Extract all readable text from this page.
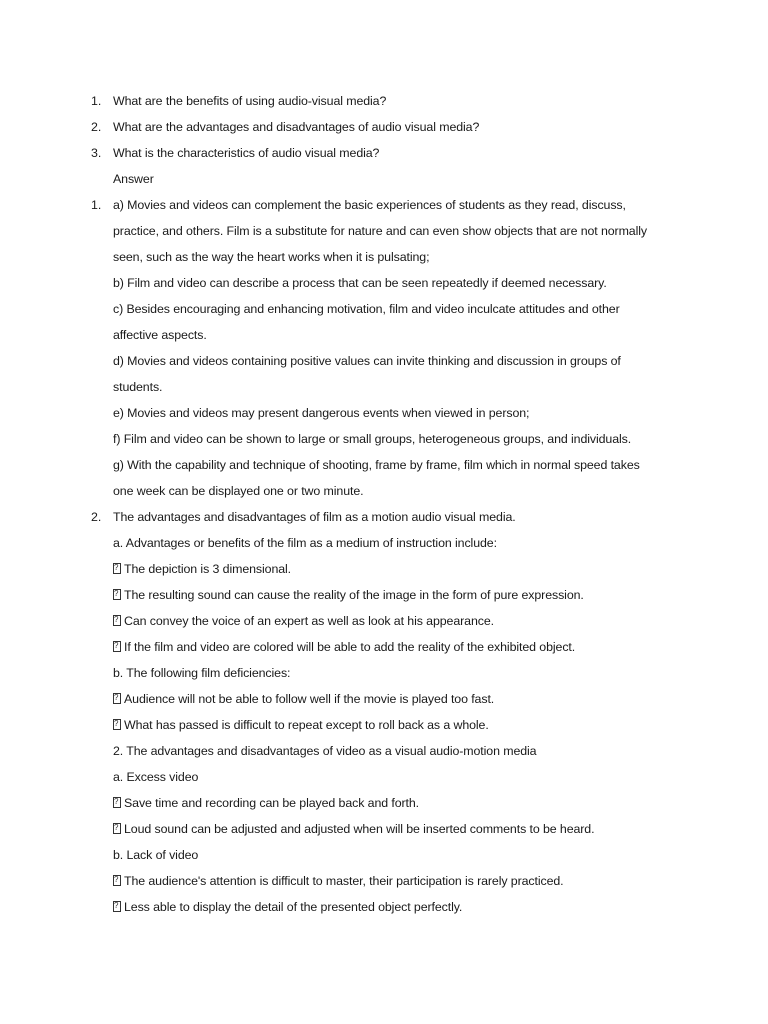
1. What are the benefits of using audio-visual media?
2. What are the advantages and disadvantages of audio visual media?
3. What is the characteristics of audio visual media?
Answer
1. a) Movies and videos can complement the basic experiences of students as they read, discuss,
practice, and others. Film is a substitute for nature and can even show objects that are not normally
seen, such as the way the heart works when it is pulsating;
b) Film and video can describe a process that can be seen repeatedly if deemed necessary.
c) Besides encouraging and enhancing motivation, film and video inculcate attitudes and other
affective aspects.
d) Movies and videos containing positive values can invite thinking and discussion in groups of
students.
e) Movies and videos may present dangerous events when viewed in person;
f) Film and video can be shown to large or small groups, heterogeneous groups, and individuals.
g) With the capability and technique of shooting, frame by frame, film which in normal speed takes
one week can be displayed one or two minute.
2. The advantages and disadvantages of film as a motion audio visual media.
a. Advantages or benefits of the film as a medium of instruction include:
?The depiction is 3 dimensional.
?The resulting sound can cause the reality of the image in the form of pure expression.
?Can convey the voice of an expert as well as look at his appearance.
?If the film and video are colored will be able to add the reality of the exhibited object.
b. The following film deficiencies:
?Audience will not be able to follow well if the movie is played too fast.
?What has passed is difficult to repeat except to roll back as a whole.
2. The advantages and disadvantages of video as a visual audio-motion media
a. Excess video
?Save time and recording can be played back and forth.
?Loud sound can be adjusted and adjusted when will be inserted comments to be heard.
b. Lack of video
?The audience's attention is difficult to master, their participation is rarely practiced.
?Less able to display the detail of the presented object perfectly.
